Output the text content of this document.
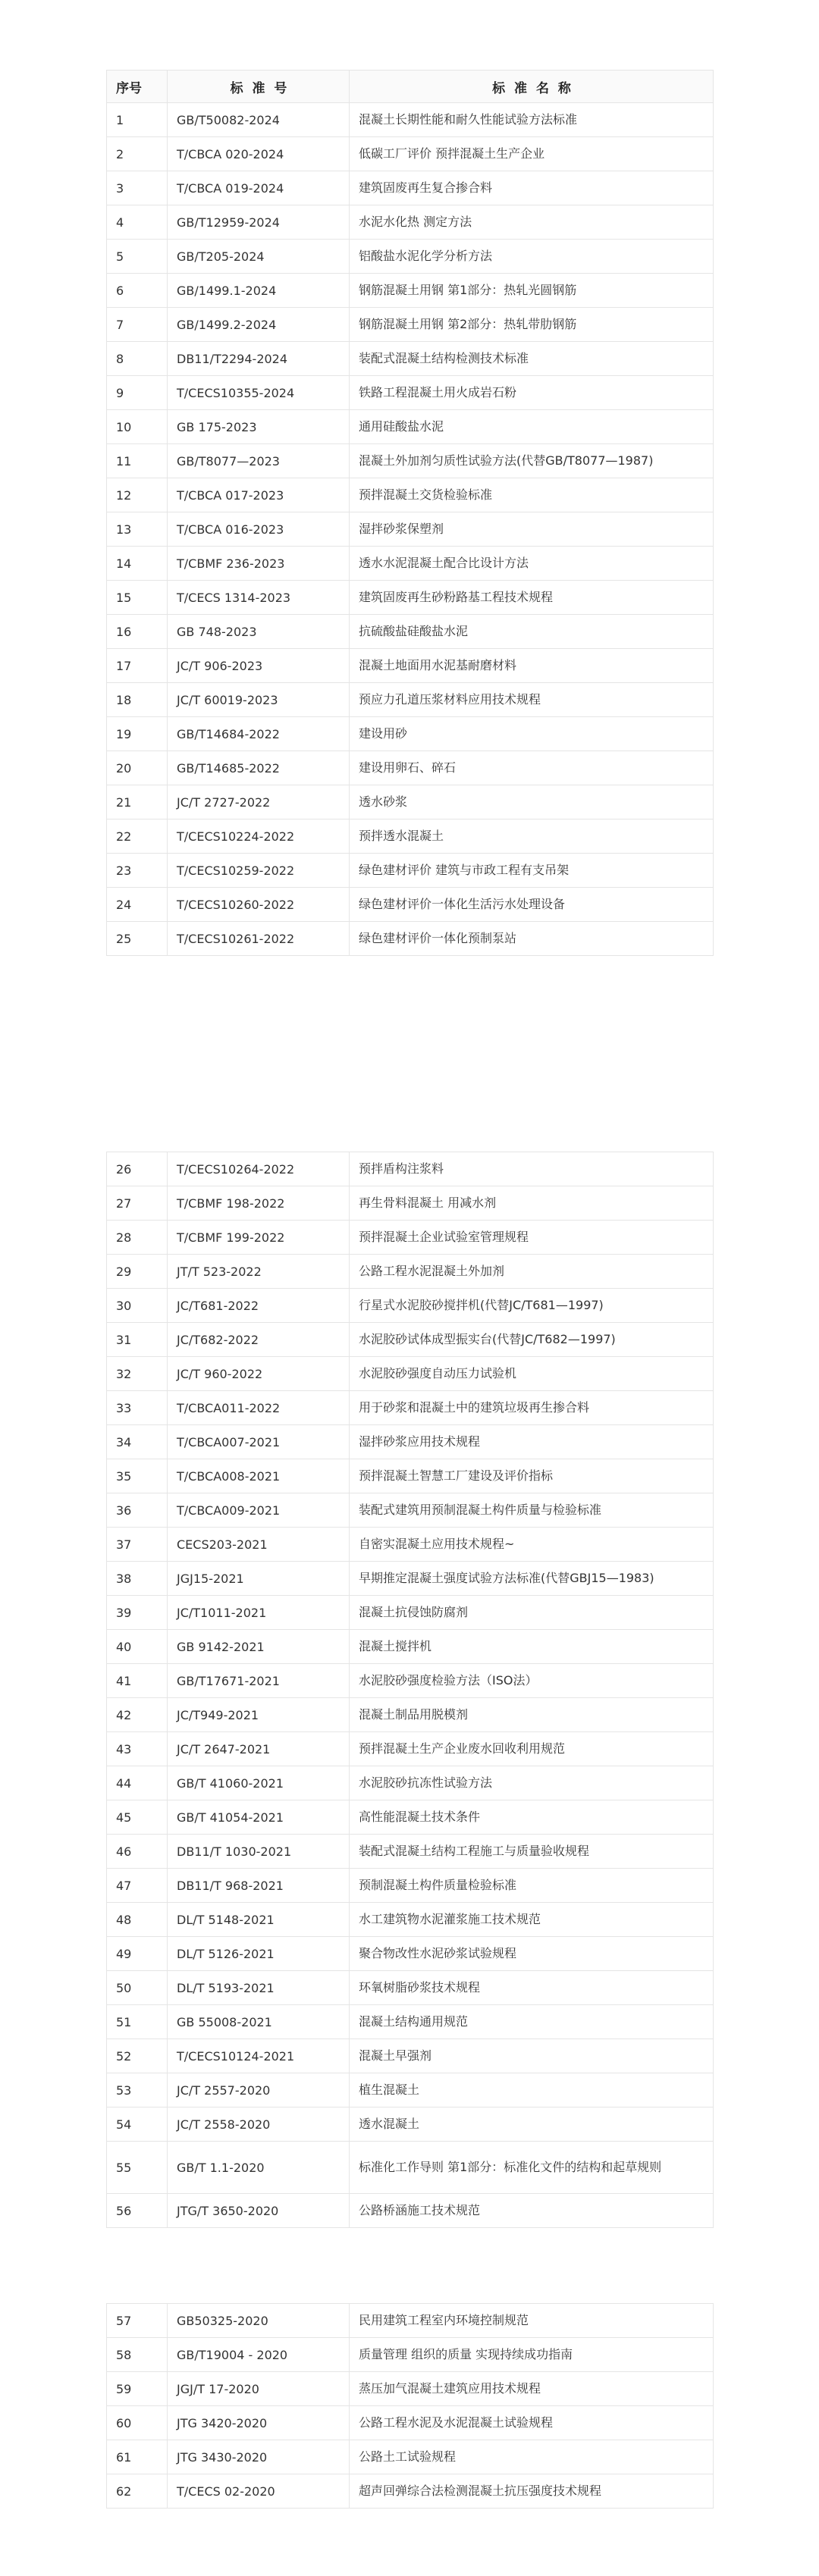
序号	标 准 号	标 准 名 称
1	GB/T50082-2024	混凝土长期性能和耐久性能试验方法标准
2	T/CBCA 020-2024	低碳工厂评价 预拌混凝土生产企业
3	T/CBCA 019-2024	建筑固废再生复合掺合料
4	GB/T12959-2024	水泥水化热 测定方法
5	GB/T205-2024	铝酸盐水泥化学分析方法
6	GB/1499.1-2024	钢筋混凝土用钢 第1部分：热轧光圆钢筋
7	GB/1499.2-2024	钢筋混凝土用钢 第2部分：热轧带肋钢筋
8	DB11/T2294-2024	装配式混凝土结构检测技术标准
9	T/CECS10355-2024	铁路工程混凝土用火成岩石粉
10	GB 175-2023	通用硅酸盐水泥
11	GB/T8077—2023	混凝土外加剂匀质性试验方法(代替GB/T8077—1987)
12	T/CBCA 017-2023	预拌混凝土交货检验标准
13	T/CBCA 016-2023	湿拌砂浆保塑剂
14	T/CBMF 236-2023	透水水泥混凝土配合比设计方法
15	T/CECS 1314-2023	建筑固废再生砂粉路基工程技术规程
16	GB 748-2023	抗硫酸盐硅酸盐水泥
17	JC/T 906-2023	混凝土地面用水泥基耐磨材料
18	JC/T 60019-2023	预应力孔道压浆材料应用技术规程
19	GB/T14684-2022	建设用砂
20	GB/T14685-2022	建设用卵石、碎石
21	JC/T 2727-2022	透水砂浆
22	T/CECS10224-2022	预拌透水混凝土
23	T/CECS10259-2022	绿色建材评价 建筑与市政工程有支吊架
24	T/CECS10260-2022	绿色建材评价一体化生活污水处理设备
25	T/CECS10261-2022	绿色建材评价一体化预制泵站
26	T/CECS10264-2022	预拌盾构注浆料
27	T/CBMF 198-2022	再生骨料混凝土 用减水剂
28	T/CBMF 199-2022	预拌混凝土企业试验室管理规程
29	JT/T 523-2022	公路工程水泥混凝土外加剂
30	JC/T681-2022	行星式水泥胶砂搅拌机(代替JC/T681—1997)
31	JC/T682-2022	水泥胶砂试体成型振实台(代替JC/T682—1997)
32	JC/T 960-2022	水泥胶砂强度自动压力试验机
33	T/CBCA011-2022	用于砂浆和混凝土中的建筑垃圾再生掺合料
34	T/CBCA007-2021	湿拌砂浆应用技术规程
35	T/CBCA008-2021	预拌混凝土智慧工厂建设及评价指标
36	T/CBCA009-2021	装配式建筑用预制混凝土构件质量与检验标准
37	CECS203-2021	自密实混凝土应用技术规程~
38	JGJ15-2021	早期推定混凝土强度试验方法标准(代替GBJ15—1983)
39	JC/T1011-2021	混凝土抗侵蚀防腐剂
40	GB 9142-2021	混凝土搅拌机
41	GB/T17671-2021	水泥胶砂强度检验方法（ISO法）
42	JC/T949-2021	混凝土制品用脱模剂
43	JC/T 2647-2021	预拌混凝土生产企业废水回收利用规范
44	GB/T 41060-2021	水泥胶砂抗冻性试验方法
45	GB/T 41054-2021	高性能混凝土技术条件
46	DB11/T 1030-2021	装配式混凝土结构工程施工与质量验收规程
47	DB11/T 968-2021	预制混凝土构件质量检验标准
48	DL/T 5148-2021	水工建筑物水泥灌浆施工技术规范
49	DL/T 5126-2021	聚合物改性水泥砂浆试验规程
50	DL/T 5193-2021	环氧树脂砂浆技术规程
51	GB 55008-2021	混凝土结构通用规范
52	T/CECS10124-2021	混凝土早强剂
53	JC/T 2557-2020	植生混凝土
54	JC/T 2558-2020	透水混凝土
55	GB/T 1.1-2020	标准化工作导则 第1部分：标准化文件的结构和起草规则
56	JTG/T 3650-2020	公路桥涵施工技术规范
57	GB50325-2020	民用建筑工程室内环境控制规范
58	GB/T19004 - 2020	质量管理 组织的质量 实现持续成功指南
59	JGJ/T 17-2020	蒸压加气混凝土建筑应用技术规程
60	JTG 3420-2020	公路工程水泥及水泥混凝土试验规程
61	JTG 3430-2020	公路土工试验规程
62	T/CECS 02-2020	超声回弹综合法检测混凝土抗压强度技术规程
